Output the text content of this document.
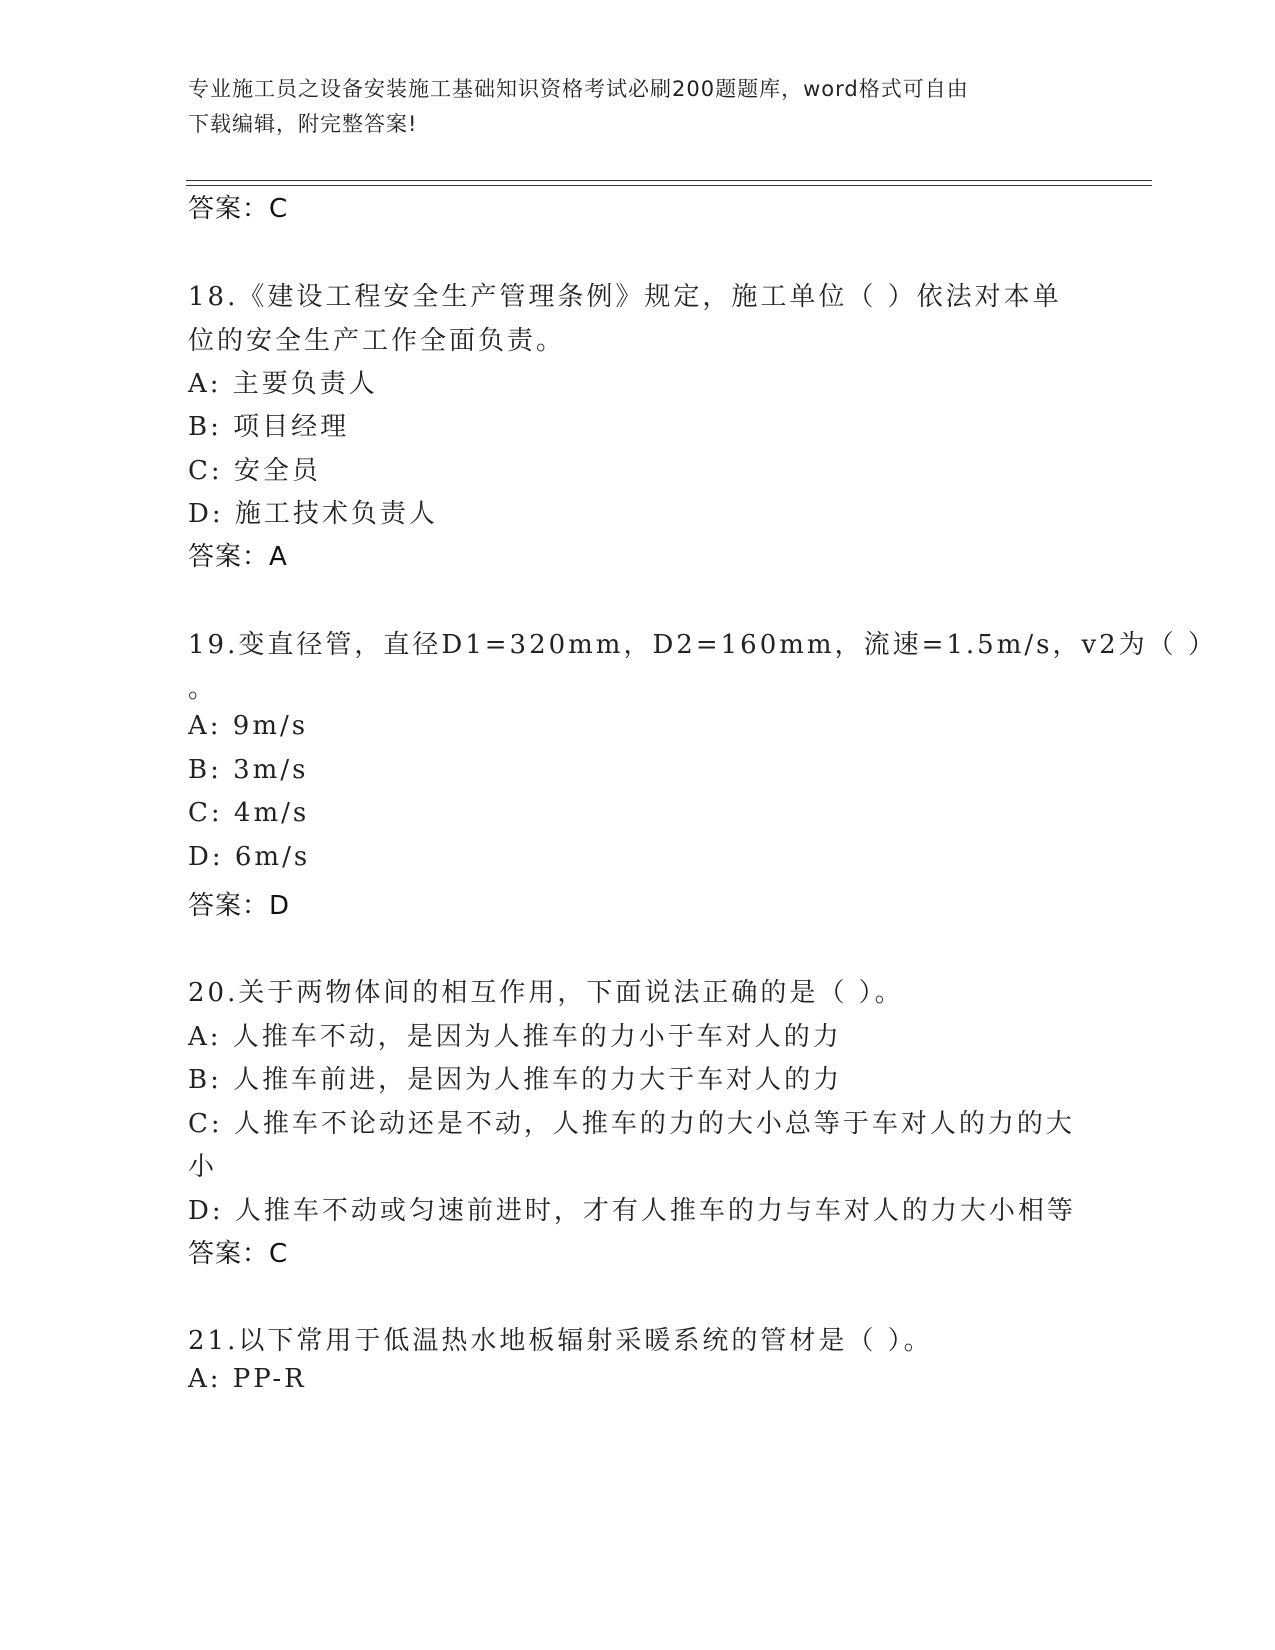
专业施工员之设备安装施工基础知识资格考试必刷200题题库，word格式可自由
下载编辑，附完整答案!
答案：C
18.《建设工程安全生产管理条例》规定，施工单位（ ）依法对本单
位的安全生产工作全面负责。
A: 主要负责人
B: 项目经理
C: 安全员
D: 施工技术负责人
答案：A
19.变直径管，直径D1=320mm，D2=160mm，流速=1.5m/s，v2为（ ）
。
A: 9m/s
B: 3m/s
C: 4m/s
D: 6m/s
答案：D
20.关于两物体间的相互作用，下面说法正确的是（ ）。
A: 人推车不动，是因为人推车的力小于车对人的力
B: 人推车前进，是因为人推车的力大于车对人的力
C: 人推车不论动还是不动，人推车的力的大小总等于车对人的力的大
小
D: 人推车不动或匀速前进时，才有人推车的力与车对人的力大小相等
答案：C
21.以下常用于低温热水地板辐射采暖系统的管材是（ ）。
A: PP-R
